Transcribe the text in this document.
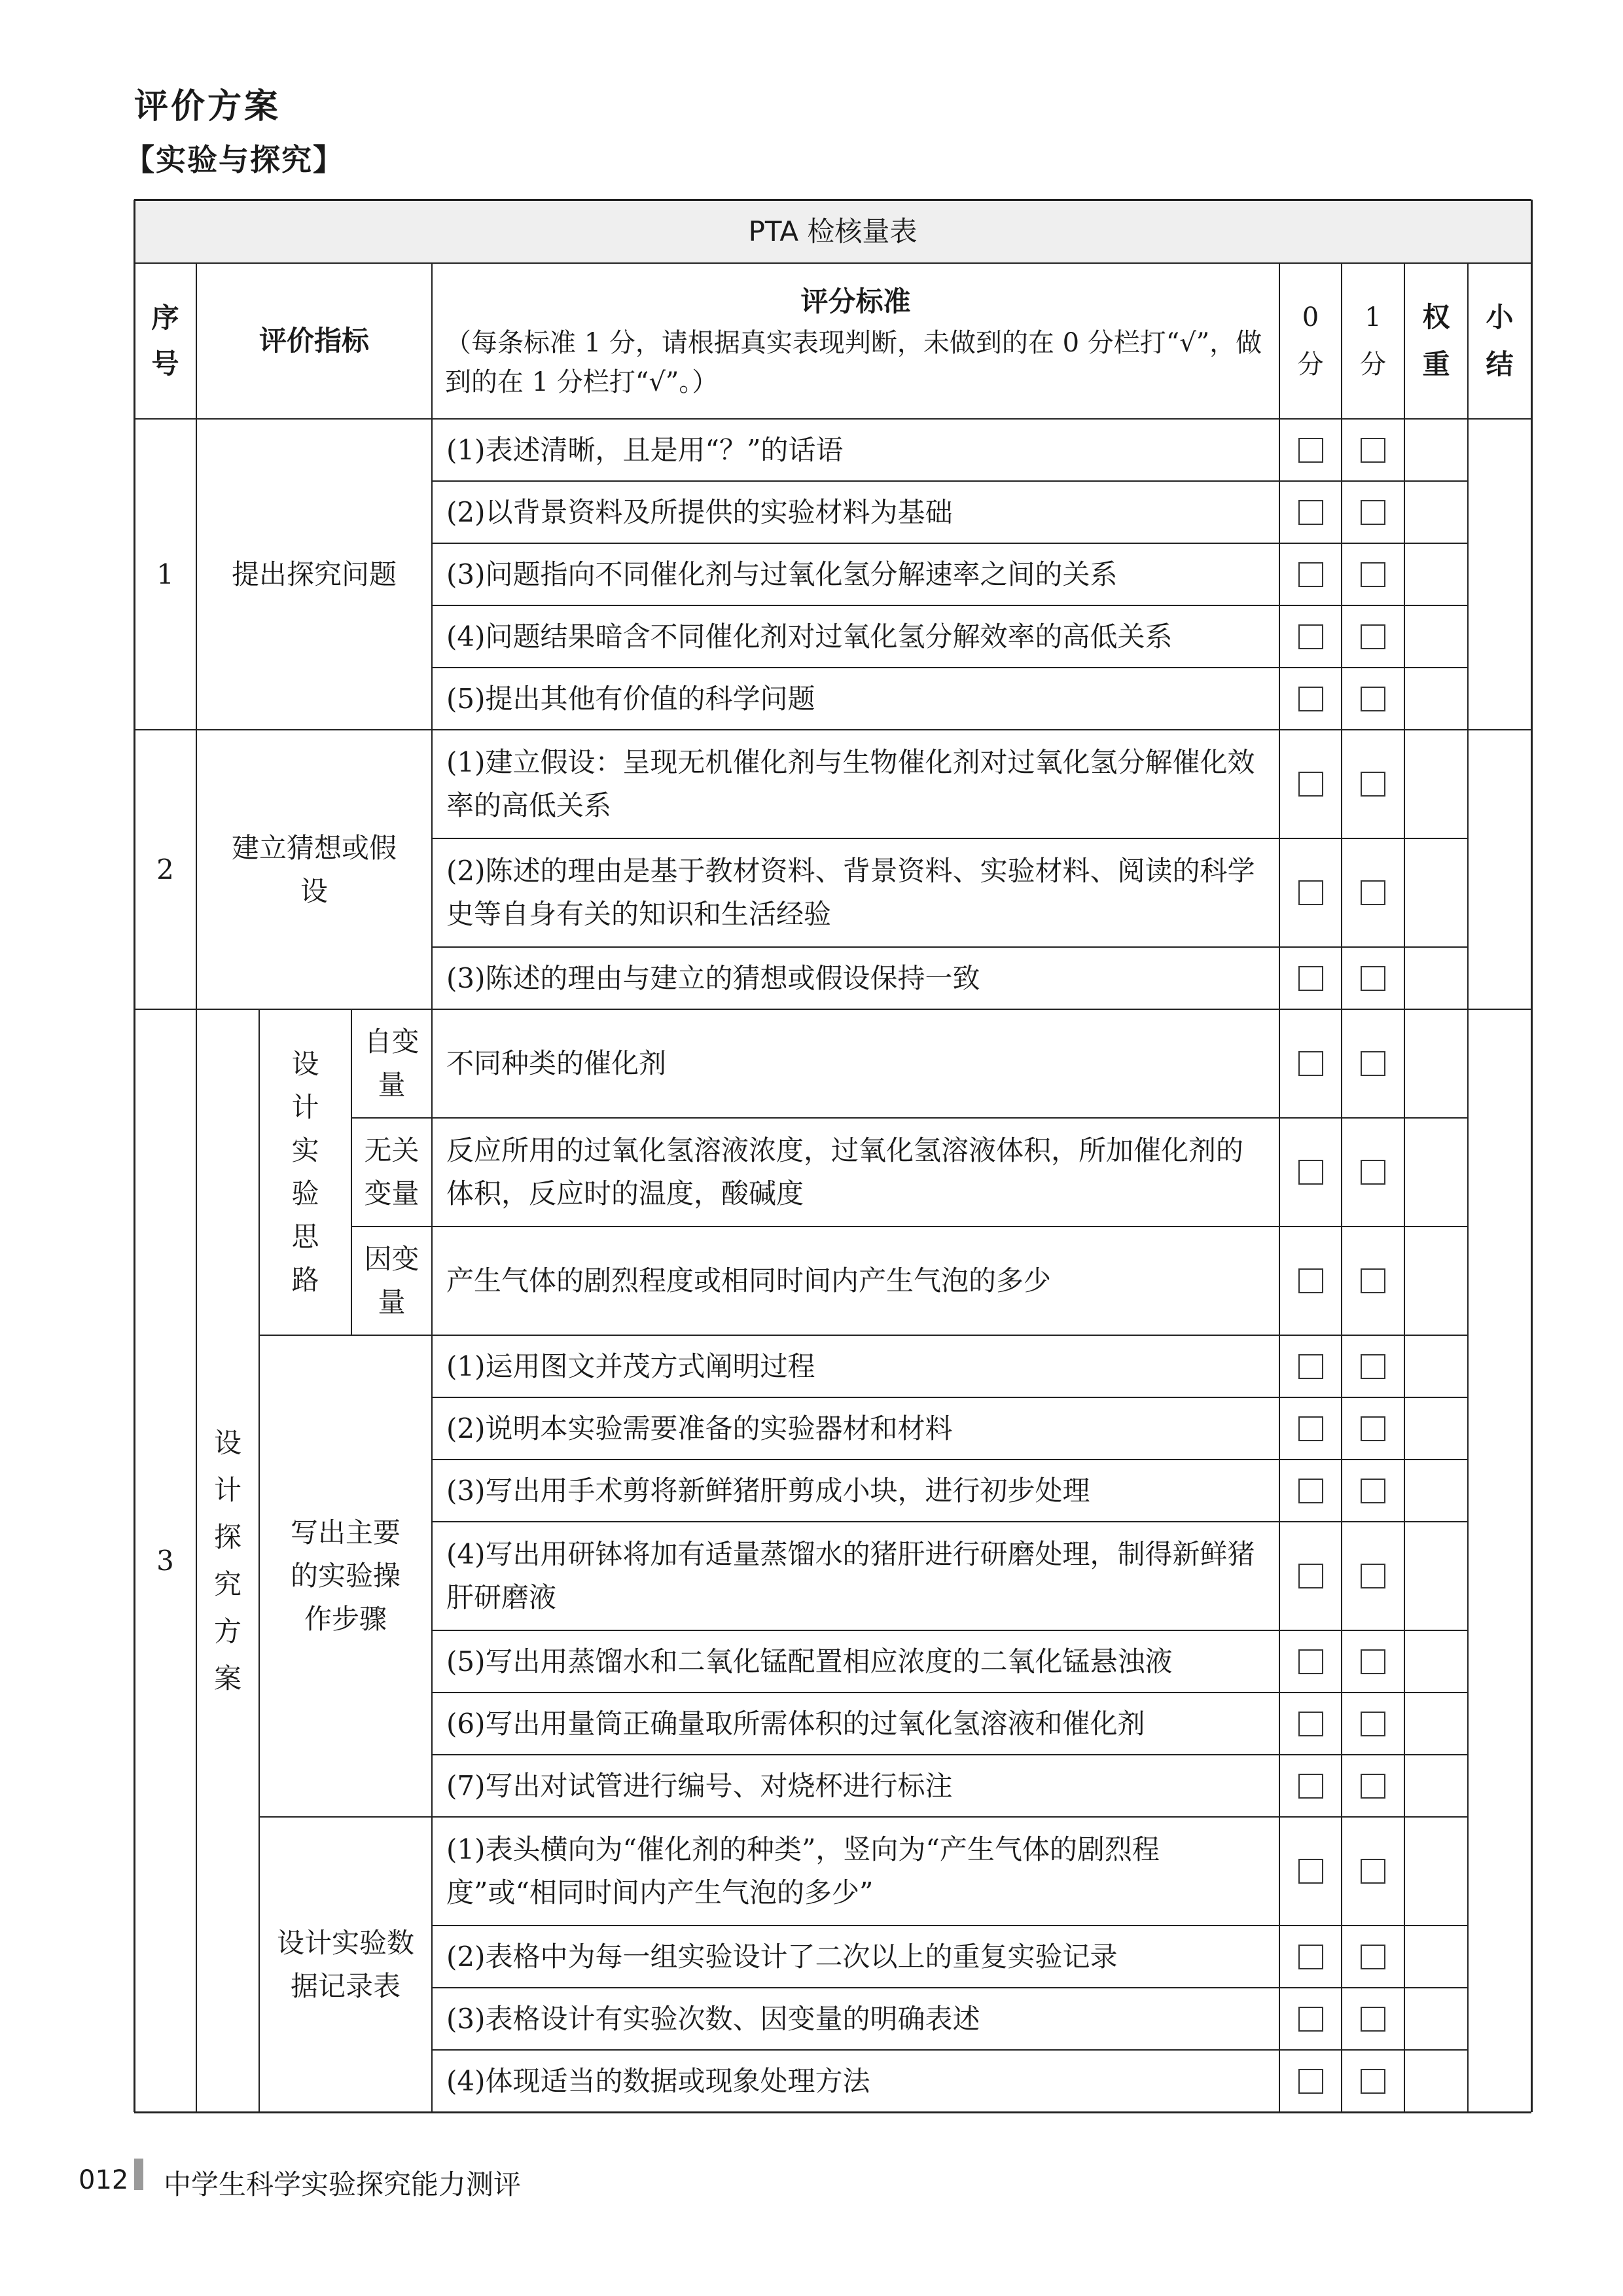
评价方案
【实验与探究】
PTA 检核量表
序号
评价指标
评分标准
（每条标准 1 分，请根据真实表现判断，未做到的在 0 分栏打“√”，做到的在 1 分栏打“√”。）
0分
1分
权重
小结
(1)表述清晰，且是用“？”的话语
(2)以背景资料及所提供的实验材料为基础
(3)问题指向不同催化剂与过氧化氢分解速率之间的关系
(4)问题结果暗含不同催化剂对过氧化氢分解效率的高低关系
(5)提出其他有价值的科学问题
1 提出探究问题
(1)建立假设：呈现无机催化剂与生物催化剂对过氧化氢分解催化效率的高低关系
(2)陈述的理由是基于教材资料、背景资料、实验材料、阅读的科学史等自身有关的知识和生活经验
(3)陈述的理由与建立的猜想或假设保持一致
2
建立猜想或假设
不同种类的催化剂
自变量
反应所用的过氧化氢溶液浓度，过氧化氢溶液体积，所加催化剂的体积，反应时的温度，酸碱度
无关变量
产生气体的剧烈程度或相同时间内产生气泡的多少
因变量
设计实验思路
(1)运用图文并茂方式阐明过程
(2)说明本实验需要准备的实验器材和材料
(3)写出用手术剪将新鲜猪肝剪成小块，进行初步处理
(4)写出用研钵将加有适量蒸馏水的猪肝进行研磨处理，制得新鲜猪肝研磨液
(5)写出用蒸馏水和二氧化锰配置相应浓度的二氧化锰悬浊液
(6)写出用量筒正确量取所需体积的过氧化氢溶液和催化剂
(7)写出对试管进行编号、对烧杯进行标注
写出主要的实验操作步骤
(1)表头横向为“催化剂的种类”，竖向为“产生气体的剧烈程度”或“相同时间内产生气泡的多少”
(2)表格中为每一组实验设计了二次以上的重复实验记录
(3)表格设计有实验次数、因变量的明确表述
(4)体现适当的数据或现象处理方法
设计实验数据记录表
3
设计探究方案
012 中学生科学实验探究能力测评
